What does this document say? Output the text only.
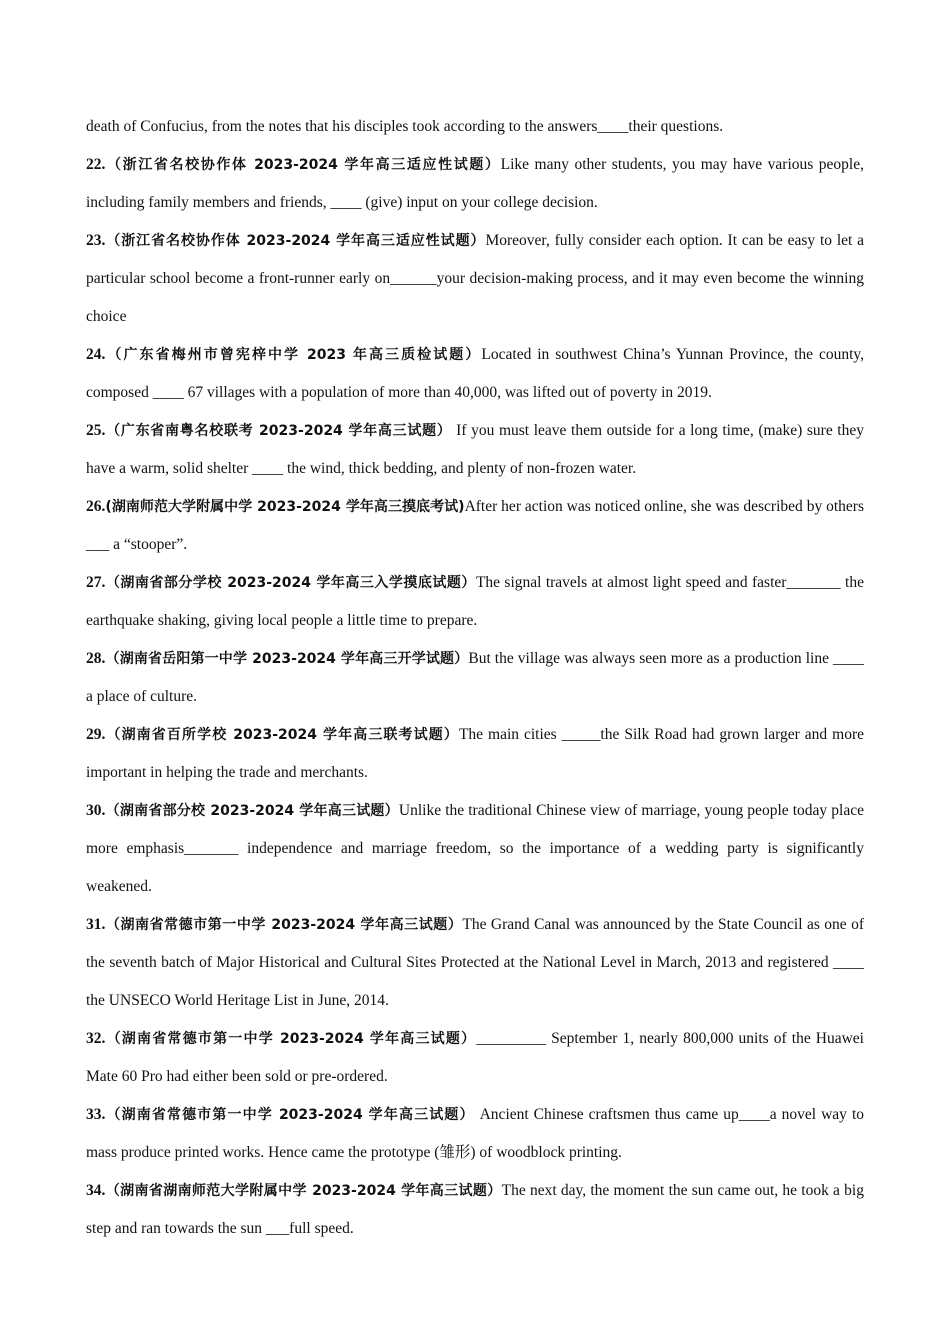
death of Confucius, from the notes that his disciples took according to the answers____their questions.

22.（浙江省名校协作体 2023-2024 学年高三适应性试题）Like many other students, you may have various people, including family members and friends, ____ (give) input on your college decision.

23.（浙江省名校协作体 2023-2024 学年高三适应性试题）Moreover, fully consider each option. It can be easy to let a particular school become a front-runner early on______your decision-making process, and it may even become the winning choice

24.（广东省梅州市曾宪梓中学 2023 年高三质检试题）Located in southwest China’s Yunnan Province, the county, composed ____ 67 villages with a population of more than 40,000, was lifted out of poverty in 2019.

25.（广东省南粤名校联考 2023-2024 学年高三试题） If you must leave them outside for a long time, (make) sure they have a warm, solid shelter ____ the wind, thick bedding, and plenty of non-frozen water.

26.(湖南师范大学附属中学 2023-2024 学年高三摸底考试)After her action was noticed online, she was described by others ___ a “stooper”.

27.（湖南省部分学校 2023-2024 学年高三入学摸底试题）The signal travels at almost light speed and faster_______ the earthquake shaking, giving local people a little time to prepare.

28.（湖南省岳阳第一中学 2023-2024 学年高三开学试题）But the village was always seen more as a production line ____ a place of culture.

29.（湖南省百所学校 2023-2024 学年高三联考试题）The main cities _____the Silk Road had grown larger and more important in helping the trade and merchants.

30.（湖南省部分校 2023-2024 学年高三试题）Unlike the traditional Chinese view of marriage, young people today place more emphasis_______ independence and marriage freedom, so the importance of a wedding party is significantly weakened.

31.（湖南省常德市第一中学 2023-2024 学年高三试题）The Grand Canal was announced by the State Council as one of the seventh batch of Major Historical and Cultural Sites Protected at the National Level in March, 2013 and registered ____ the UNSECO World Heritage List in June, 2014.

32.（湖南省常德市第一中学 2023-2024 学年高三试题）_________ September 1, nearly 800,000 units of the Huawei Mate 60 Pro had either been sold or pre-ordered.

33.（湖南省常德市第一中学 2023-2024 学年高三试题） Ancient Chinese craftsmen thus came up____a novel way to mass produce printed works. Hence came the prototype (雏形) of woodblock printing.

34.（湖南省湖南师范大学附属中学 2023-2024 学年高三试题）The next day, the moment the sun came out, he took a big step and ran towards the sun ___full speed.
